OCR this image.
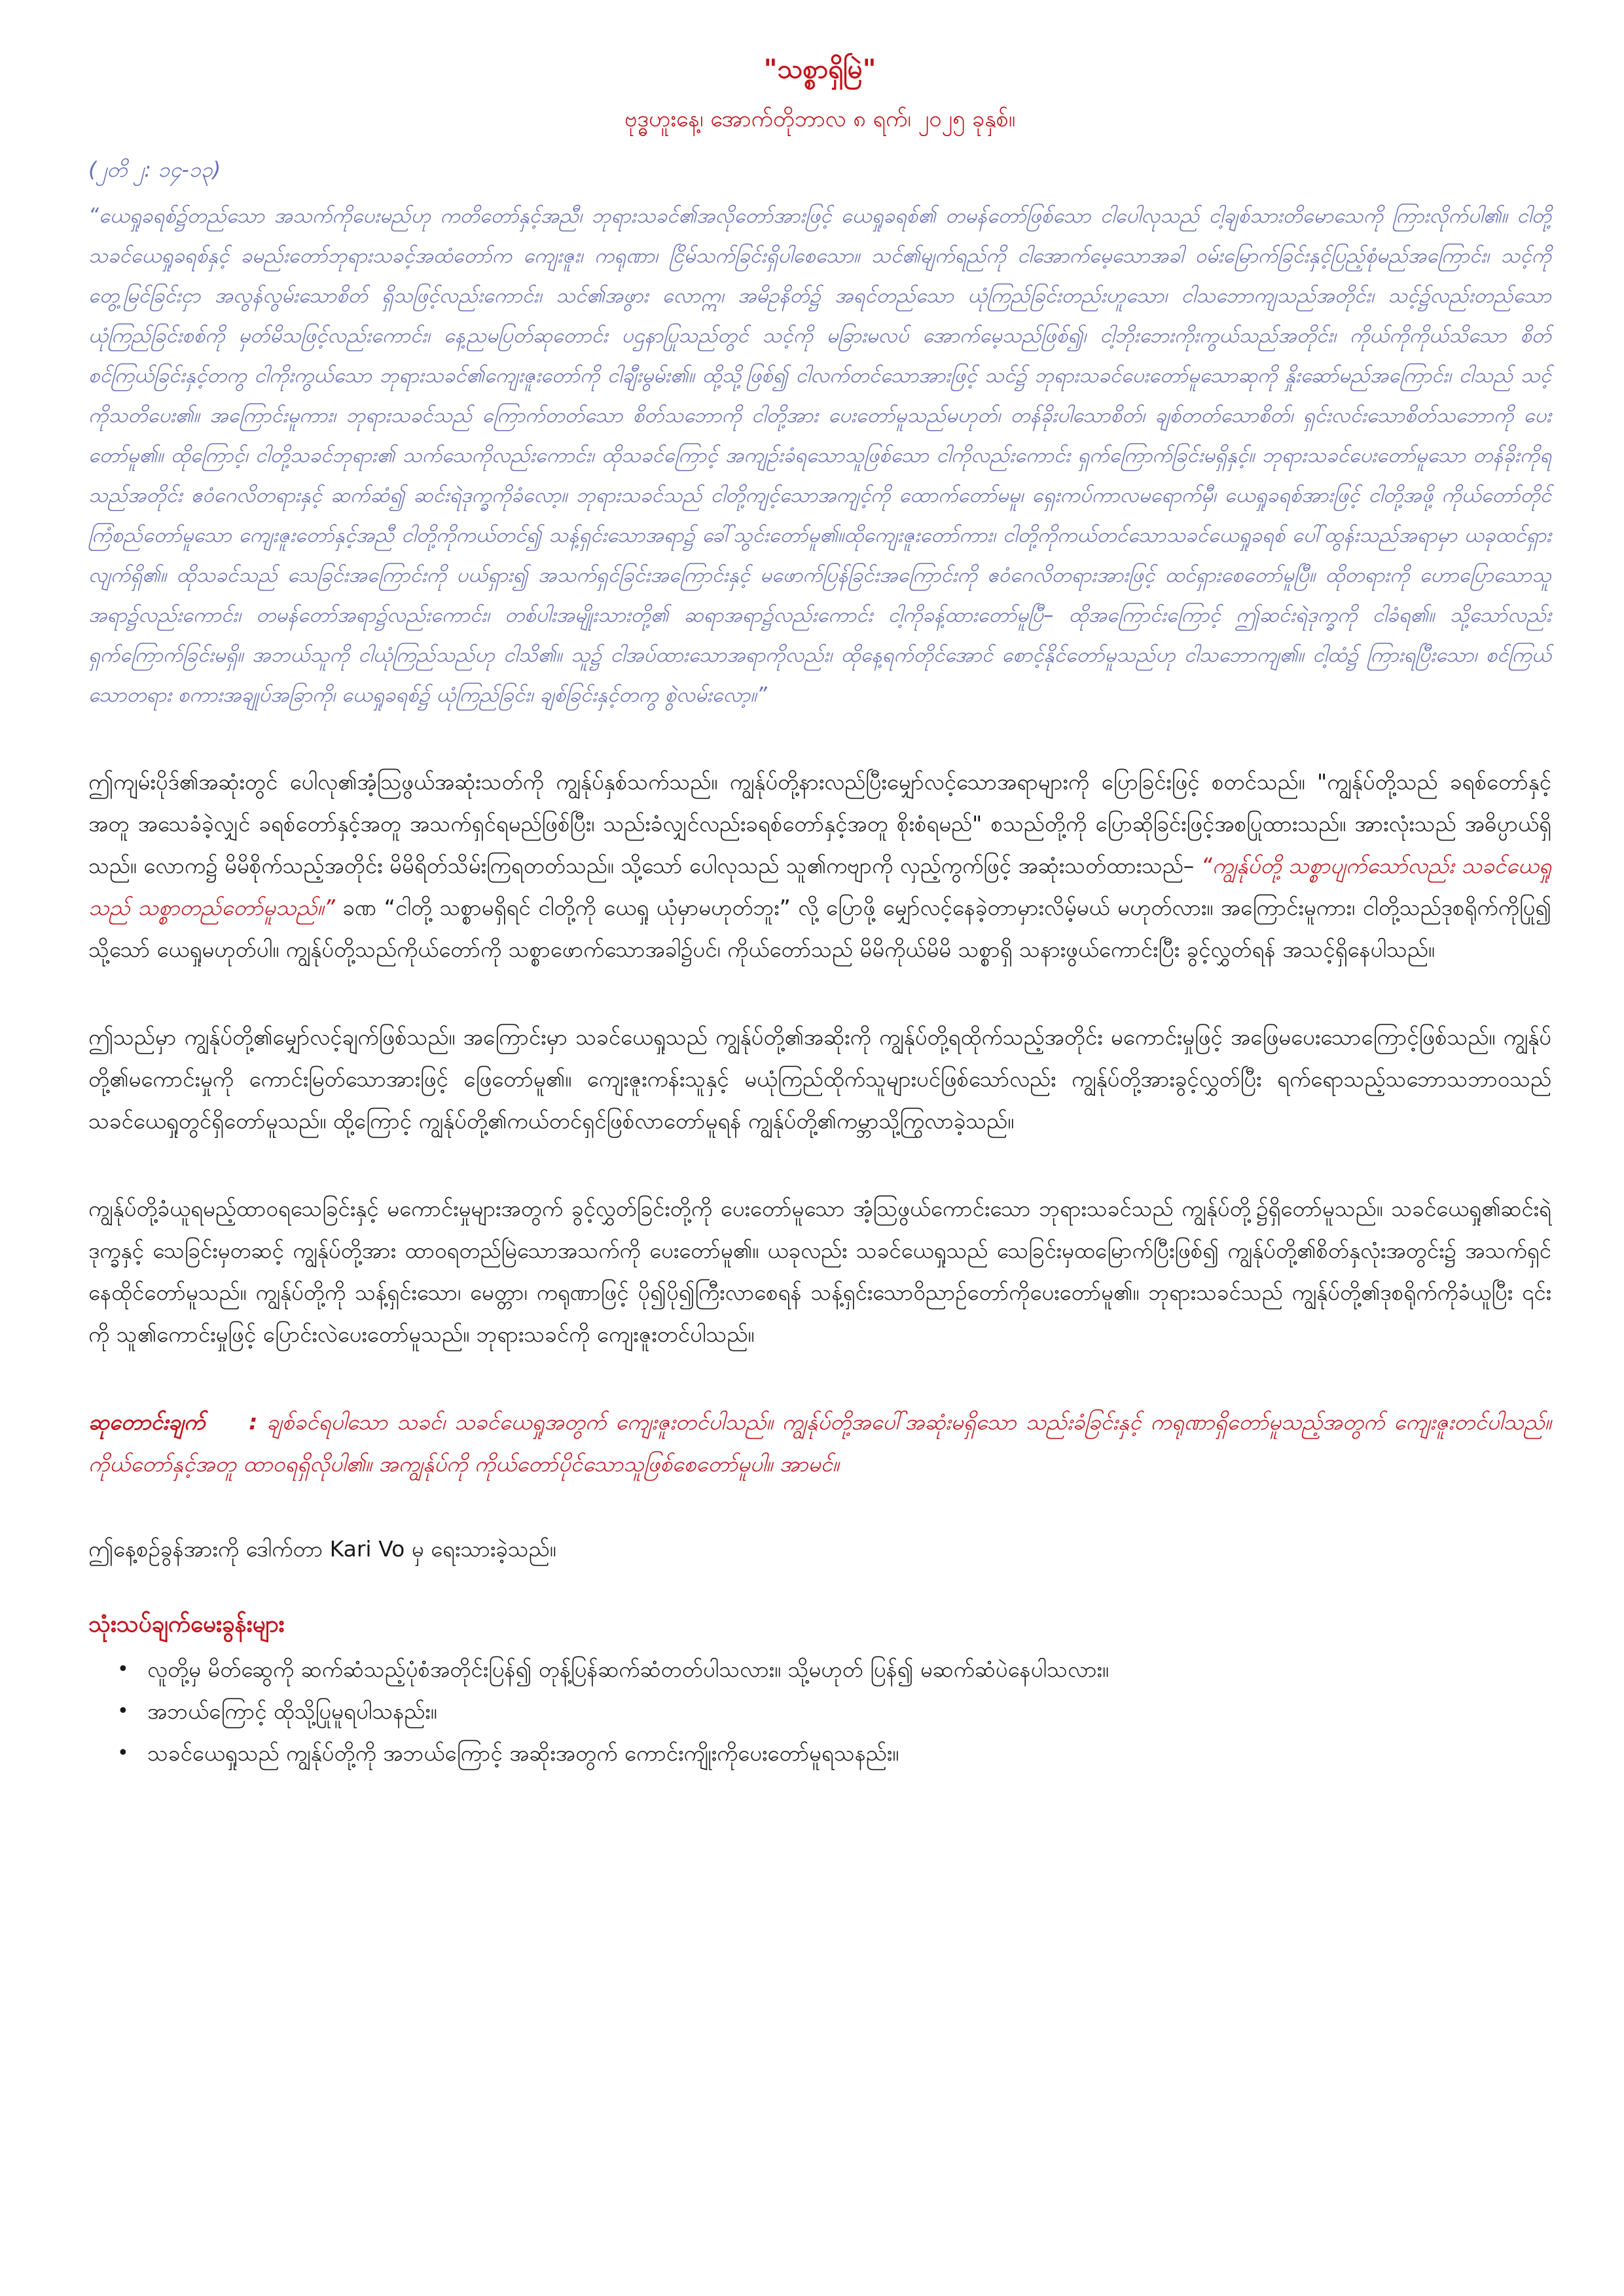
"သစ္စာရှိမြဲ"
ဗုဒ္ဓဟူးနေ့၊ အောက်တိုဘာလ ၈ ရက်၊ ၂၀၂၅ ခုနှစ်။
(၂တိ ၂: ၁၄-၁၃)
“ယေရှုခရစ်၌တည်သော အသက်ကိုပေးမည်ဟု ကတိတော်နှင့်အညီ၊ ဘုရားသခင်၏အလိုတော်အားဖြင့် ယေရှုခရစ်၏ တမန်တော်ဖြစ်သော ငါပေါလုသည် ငါ့ချစ်သားတိမောသေကို ကြားလိုက်ပါ၏။ ငါတို့သခင်ယေရှုခရစ်နှင့် ခမည်းတော်ဘုရားသခင့်အထံတော်က ကျေးဇူး၊ ကရုဏာ၊ ငြိမ်သက်ခြင်းရှိပါစေသော။ သင်၏မျက်ရည်ကို ငါအောက်မေ့သောအခါ ဝမ်းမြောက်ခြင်းနှင့်ပြည့်စုံမည်အကြောင်း၊ သင့်ကို တွေ့မြင်ခြင်းငှာ အလွန်လွမ်းသောစိတ် ရှိသဖြင့်လည်းကောင်း၊ သင်၏အဖွား လောဣ၊ အမိဥနိတ်၌ အရင်တည်သော ယုံကြည်ခြင်းတည်းဟူသော၊ ငါသဘောကျသည်အတိုင်း၊ သင့်၌လည်းတည်သော ယုံကြည်ခြင်းစစ်ကို မှတ်မိသဖြင့်လည်းကောင်း၊ နေ့ညမပြတ်ဆုတောင်း ပဌနာပြုသည်တွင် သင့်ကို မခြားမလပ် အောက်မေ့သည်ဖြစ်၍၊ ငါ့ဘိုးဘေးကိုးကွယ်သည်အတိုင်း၊ ကိုယ်ကိုကိုယ်သိသော စိတ်စင်ကြယ်ခြင်းနှင့်တကွ ငါကိုးကွယ်သော ဘုရားသခင်၏ကျေးဇူးတော်ကို ငါချီးမွမ်း၏။ ထို့သို့ဖြစ်၍ ငါလက်တင်သောအားဖြင့် သင်၌ ဘုရားသခင်ပေးတော်မူသောဆုကို နှိုးဆော်မည်အကြောင်း၊ ငါသည် သင့်ကိုသတိပေး၏။ အကြောင်းမူကား၊ ဘုရားသခင်သည် ကြောက်တတ်သော စိတ်သဘောကို ငါတို့အား ပေးတော်မူသည်မဟုတ်၊ တန်ခိုးပါသောစိတ်၊ ချစ်တတ်သောစိတ်၊ ရှင်းလင်းသောစိတ်သဘောကို ပေးတော်မူ၏။ ထိုကြောင့်၊ ငါတို့သခင်ဘုရား၏ သက်သေကိုလည်းကောင်း၊ ထိုသခင်ကြောင့် အကျဉ်းခံရသောသူဖြစ်သော ငါကိုလည်းကောင်း ရှက်ကြောက်ခြင်းမရှိနှင့်။ ဘုရားသခင်ပေးတော်မူသော တန်ခိုးကိုရသည်အတိုင်း ဧဝံဂေလိတရားနှင့် ဆက်ဆံ၍ ဆင်းရဲဒုက္ခကိုခံလော့။ ဘုရားသခင်သည် ငါတို့ကျင့်သောအကျင့်ကို ထောက်တော်မမူ၊ ရှေးကပ်ကာလမရောက်မှီ၊ ယေရှုခရစ်အားဖြင့် ငါတို့အဖို့ ကိုယ်တော်တိုင်ကြံစည်တော်မူသော ကျေးဇူးတော်နှင့်အညီ ငါတို့ကိုကယ်တင်၍ သန့်ရှင်းသောအရာ၌ ခေါ်သွင်းတော်မူ၏။ထိုကျေးဇူးတော်ကား၊ ငါတို့ကိုကယ်တင်သောသခင်ယေရှုခရစ် ပေါ်ထွန်းသည်အရာမှာ ယခုထင်ရှားလျက်ရှိ၏။ ထိုသခင်သည် သေခြင်းအကြောင်းကို ပယ်ရှား၍ အသက်ရှင်ခြင်းအကြောင်းနှင့် မဖောက်ပြန်ခြင်းအကြောင်းကို ဧဝံဂေလိတရားအားဖြင့် ထင်ရှားစေတော်မူပြီ။ ထိုတရားကို ဟောပြောသောသူအရာ၌လည်းကောင်း၊ တမန်တော်အရာ၌လည်းကောင်း၊ တစ်ပါးအမျိုးသားတို့၏ ဆရာအရာ၌လည်းကောင်း ငါ့ကိုခန့်ထားတော်မူပြီ– ထိုအကြောင်းကြောင့် ဤဆင်းရဲဒုက္ခကို ငါခံရ၏။ သို့သော်လည်း ရှက်ကြောက်ခြင်းမရှိ။ အဘယ်သူကို ငါယုံကြည်သည်ဟု ငါသိ၏။ သူ၌ ငါအပ်ထားသောအရာကိုလည်း၊ ထိုနေ့ရက်တိုင်အောင် စောင့်နိုင်တော်မူသည်ဟု ငါသဘောကျ၏။ ငါ့ထံ၌ ကြားရပြီးသော၊ စင်ကြယ်သောတရား စကားအချုပ်အခြာကို၊ ယေရှုခရစ်၌ ယုံကြည်ခြင်း၊ ချစ်ခြင်းနှင့်တကွ စွဲလမ်းလော့။”
ဤကျမ်းပိုဒ်၏အဆုံးတွင် ပေါလု၏အံ့ဩဖွယ်အဆုံးသတ်ကို ကျွန်ုပ်နှစ်သက်သည်။ ကျွန်ုပ်တို့နားလည်ပြီးမျှော်လင့်သောအရာများကို ပြောခြင်းဖြင့် စတင်သည်။ "ကျွန်ုပ်တို့သည် ခရစ်တော်နှင့်အတူ အသေခံခဲ့လျှင် ခရစ်တော်နှင့်အတူ အသက်ရှင်ရမည်ဖြစ်ပြီး၊ သည်းခံလျှင်လည်းခရစ်တော်နှင့်အတူ စိုးစံရမည်" စသည်တို့ကို ပြောဆိုခြင်းဖြင့်အစပြုထားသည်။ အားလုံးသည် အဓိပ္ပာယ်ရှိသည်။ လောက၌ မိမိစိုက်သည့်အတိုင်း မိမိရိတ်သိမ်းကြရတတ်သည်။ သို့သော် ပေါလုသည် သူ၏ကဗျာကို လှည့်ကွက်ဖြင့် အဆုံးသတ်ထားသည်– “ကျွန်ုပ်တို့ သစ္စာပျက်သော်လည်း သခင်ယေရှုသည် သစ္စာတည်တော်မူသည်။” ခဏ “ငါတို့ သစ္စာမရှိရင် ငါတို့ကို ယေရှု ယုံမှာမဟုတ်ဘူး” လို့ ပြောဖို့ မျှော်လင့်နေခဲ့တာမှားလိမ့်မယ် မဟုတ်လား။ အကြောင်းမူကား၊ ငါတို့သည်ဒုစရိုက်ကိုပြု၍ သို့သော် ယေရှုမဟုတ်ပါ။ ကျွန်ုပ်တို့သည်ကိုယ်တော်ကို သစ္စာဖောက်သောအခါ၌ပင်၊ ကိုယ်တော်သည် မိမိကိုယ်မိမိ သစ္စာရှိ သနားဖွယ်ကောင်းပြီး ခွင့်လွှတ်ရန် အသင့်ရှိနေပါသည်။
ဤသည်မှာ ကျွန်ုပ်တို့၏မျှော်လင့်ချက်ဖြစ်သည်။ အကြောင်းမှာ သခင်ယေရှုသည် ကျွန်ုပ်တို့၏အဆိုးကို ကျွန်ုပ်တို့ရထိုက်သည့်အတိုင်း မကောင်းမှုဖြင့် အဖြေမပေးသောကြောင့်ဖြစ်သည်။ ကျွန်ုပ်တို့၏မကောင်းမှုကို ကောင်းမြတ်သောအားဖြင့် ဖြေတော်မူ၏။ ကျေးဇူးကန်းသူနှင့် မယုံကြည်ထိုက်သူများပင်ဖြစ်သော်လည်း ကျွန်ုပ်တို့အားခွင့်လွှတ်ပြီး ရက်ရောသည့်သဘောသဘာဝသည် သခင်ယေရှုတွင်ရှိတော်မူသည်။ ထို့ကြောင့် ကျွန်ုပ်တို့၏ကယ်တင်ရှင်ဖြစ်လာတော်မူရန် ကျွန်ုပ်တို့၏ကမ္ဘာသို့ကြွလာခဲ့သည်။
ကျွန်ုပ်တို့ခံယူရမည့်ထာဝရသေခြင်းနှင့် မကောင်းမှုများအတွက် ခွင့်လွှတ်ခြင်းတို့ကို ပေးတော်မူသော အံ့ဩဖွယ်ကောင်းသော ဘုရားသခင်သည် ကျွန်ုပ်တို့၌ရှိတော်မူသည်။ သခင်ယေရှု၏ဆင်းရဲဒုက္ခနှင့် သေခြင်းမှတဆင့် ကျွန်ုပ်တို့အား ထာဝရတည်မြဲသောအသက်ကို ပေးတော်မူ၏။ ယခုလည်း သခင်ယေရှုသည် သေခြင်းမှထမြောက်ပြီးဖြစ်၍ ကျွန်ုပ်တို့၏စိတ်နှလုံးအတွင်း၌ အသက်ရှင်နေထိုင်တော်မူသည်။ ကျွန်ုပ်တို့ကို သန့်ရှင်းသော၊ မေတ္တာ၊ ကရုဏာဖြင့် ပို၍ပို၍ကြီးလာစေရန် သန့်ရှင်းသောဝိညာဉ်တော်ကိုပေးတော်မူ၏။ ဘုရားသခင်သည် ကျွန်ုပ်တို့၏ဒုစရိုက်ကိုခံယူပြီး ၎င်းကို သူ၏ကောင်းမှုဖြင့် ပြောင်းလဲပေးတော်မူသည်။ ဘုရားသခင်ကို ကျေးဇူးတင်ပါသည်။
ဆုတောင်းချက် : ချစ်ခင်ရပါသော သခင်၊ သခင်ယေရှုအတွက် ကျေးဇူးတင်ပါသည်။ ကျွန်ုပ်တို့အပေါ်အဆုံးမရှိသော သည်းခံခြင်းနှင့် ကရုဏာရှိတော်မူသည့်အတွက် ကျေးဇူးတင်ပါသည်။ ကိုယ်တော်နှင့်အတူ ထာဝရရှိလိုပါ၏။ အကျွန်ုပ်ကို ကိုယ်တော်ပိုင်သောသူဖြစ်စေတော်မူပါ။ အာမင်။
ဤနေ့စဉ်ခွန်အားကို ဒေါက်တာ Kari Vo မှ ရေးသားခဲ့သည်။
သုံးသပ်ချက်မေးခွန်းများ
• လူတို့မှ မိတ်ဆွေကို ဆက်ဆံသည့်ပုံစံအတိုင်းပြန်၍ တုန့်ပြန်ဆက်ဆံတတ်ပါသလား။ သို့မဟုတ် ပြန်၍ မဆက်ဆံပဲနေပါသလား။
• အဘယ်ကြောင့် ထိုသို့ပြုမူရပါသနည်း။
• သခင်ယေရှုသည် ကျွန်ုပ်တို့ကို အဘယ်ကြောင့် အဆိုးအတွက် ကောင်းကျိုးကိုပေးတော်မူရသနည်း။
